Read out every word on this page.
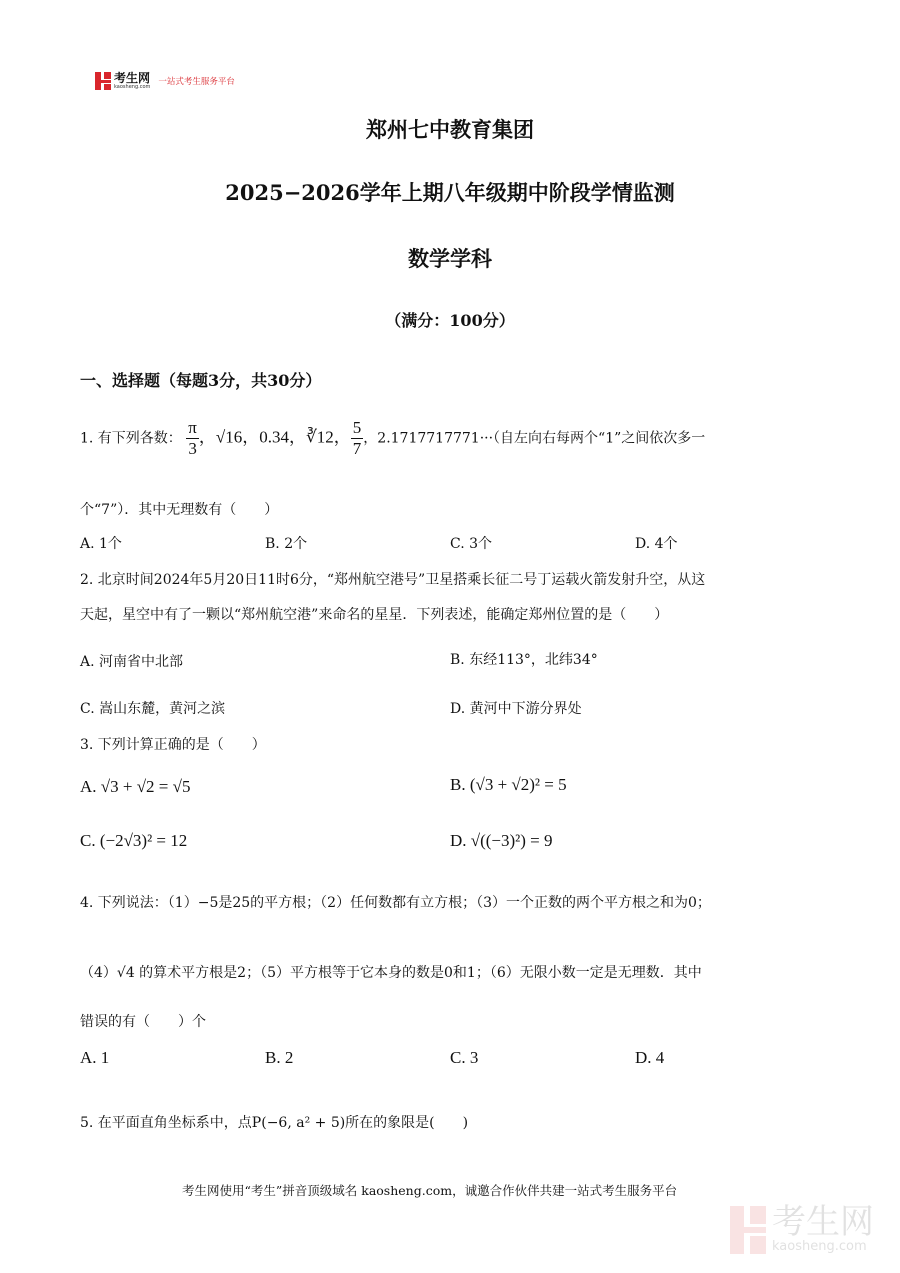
考生网
kaosheng.com 一站式考生服务平台
郑州七中教育集团
2025−2026学年上期八年级期中阶段学情监测
数学学科
（满分：100分）
一、选择题（每题3分，共30分）
1. 有下列各数： $\frac{\pi}{3}$ ，√16，0.34，∛12， $\frac{5}{7}$ ，2.1717717771···（自左向右每两个“1”之间依次多一
个“7”）．其中无理数有（　　）
A. 1个	B. 2个	C. 3个	D. 4个
2. 北京时间2024年5月20日11时6分，“郑州航空港号”卫星搭乘长征二号丁运载火箭发射升空，从这
天起，星空中有了一颗以“郑州航空港”来命名的星星．下列表述，能确定郑州位置的是（　　）
A. 河南省中北部	B. 东经113°，北纬34°
C. 嵩山东麓，黄河之滨	D. 黄河中下游分界处
3. 下列计算正确的是（　　）
A. √3 + √2 = √5	B. (√3 + √2)² = 5
C. (−2√3)² = 12	D. √((−3)²) = 9
4. 下列说法：（1）−5是25的平方根；（2）任何数都有立方根；（3）一个正数的两个平方根之和为0；
（4）√4 的算术平方根是2；（5）平方根等于它本身的数是0和1；（6）无限小数一定是无理数．其中
错误的有（　　）个
A. 1	B. 2	C. 3	D. 4
5. 在平面直角坐标系中，点P(−6, a² + 5)所在的象限是(　　)
考生网使用“考生”拼音顶级域名 kaosheng.com，诚邀合作伙伴共建一站式考生服务平台
考生网
kaosheng.com
